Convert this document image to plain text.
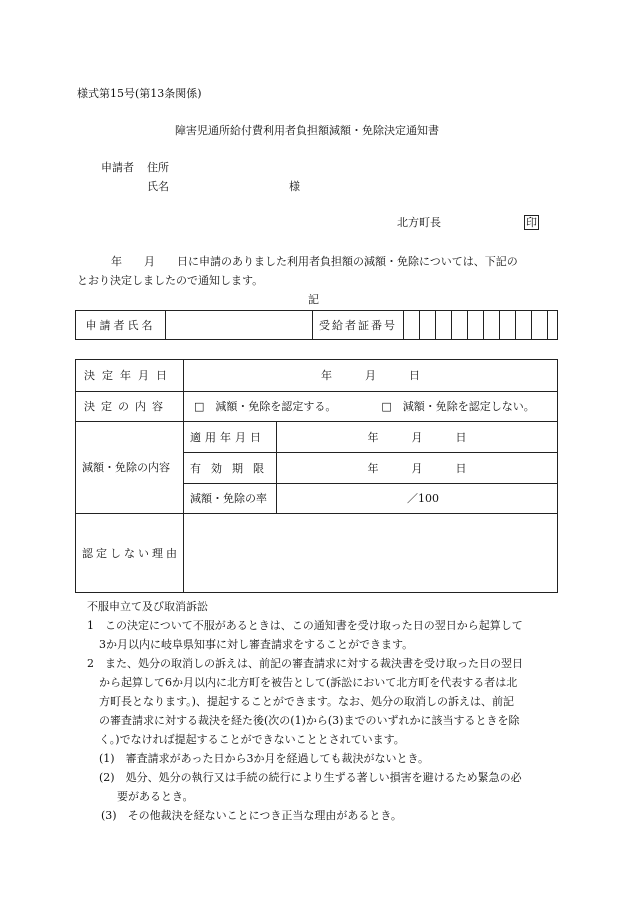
様式第15号(第13条関係)
障害児通所給付費利用者負担額減額・免除決定通知書
申請者 住所
氏名	様
北方町長	印
年　　月　　日に申請のありました利用者負担額の減額・免除については、下記の
とおり決定しましたので通知します。
記
申請者氏名		受給者証番号										
決定年月日	年　　　月　　　日	
決定の内容	□　減額・免除を認定する。 □　減額・免除を認定しない。	
減額・免除の内容	適用年月日	年　　　月　　　日
	有効期限	年　　　月　　　日
	減額・免除の率	／100
認定しない理由		
不服申立て及び取消訴訟
1　この決定について不服があるときは、この通知書を受け取った日の翌日から起算して
3か月以内に岐阜県知事に対し審査請求をすることができます。
2　また、処分の取消しの訴えは、前記の審査請求に対する裁決書を受け取った日の翌日
から起算して6か月以内に北方町を被告として(訴訟において北方町を代表する者は北
方町長となります。)、提起することができます。なお、処分の取消しの訴えは、前記
の審査請求に対する裁決を経た後(次の(1)から(3)までのいずれかに該当するときを除
く。)でなければ提起することができないこととされています。
(1)　審査請求があった日から3か月を経過しても裁決がないとき。
(2)　処分、処分の執行又は手続の続行により生ずる著しい損害を避けるため緊急の必
要があるとき。
(3)　その他裁決を経ないことにつき正当な理由があるとき。
